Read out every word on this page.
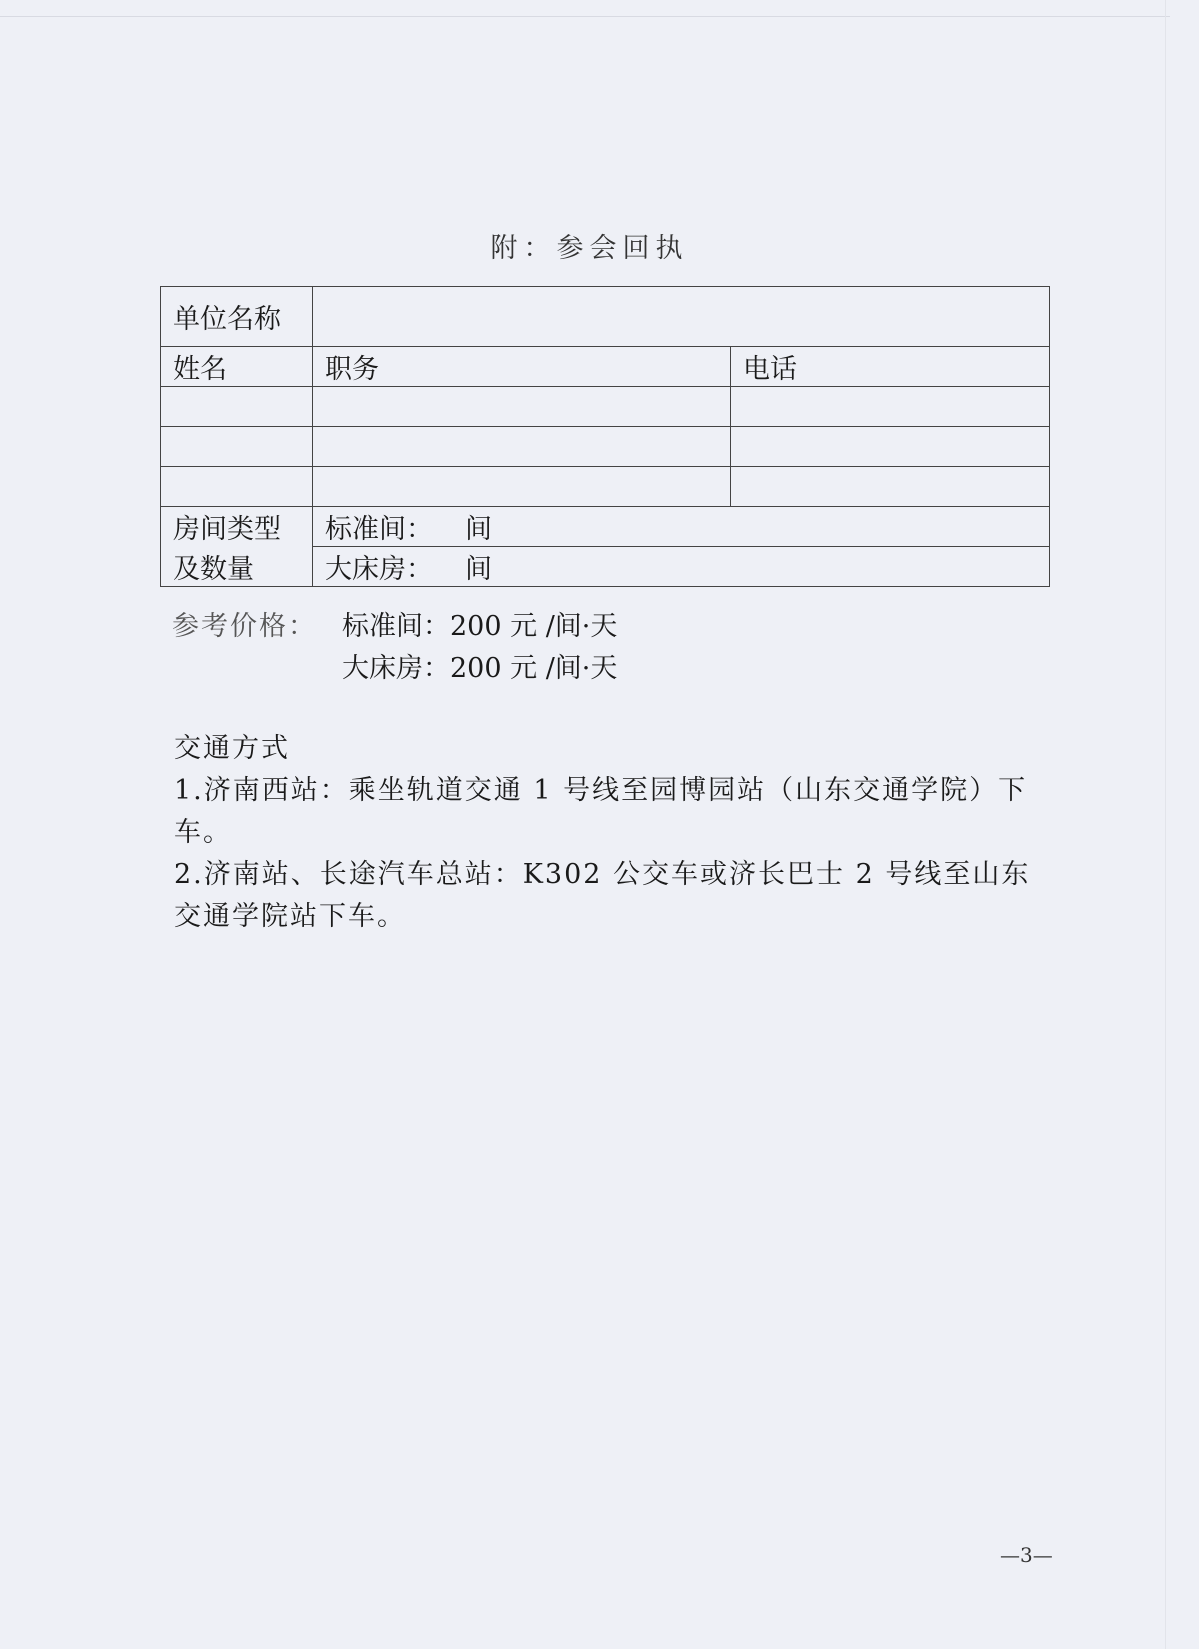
附：参会回执
单位名称		
姓名	职务	电话

房间类型	标准间： 间	
及数量	大床房： 间	
参考价格： 标准间：200 元 /间·天
大床房：200 元 /间·天

交通方式

1.济南西站：乘坐轨道交通 1 号线至园博园站（山东交通学院）下车。

2.济南站、长途汽车总站：K302 公交车或济长巴士 2 号线至山东交通学院站下车。

—3—
